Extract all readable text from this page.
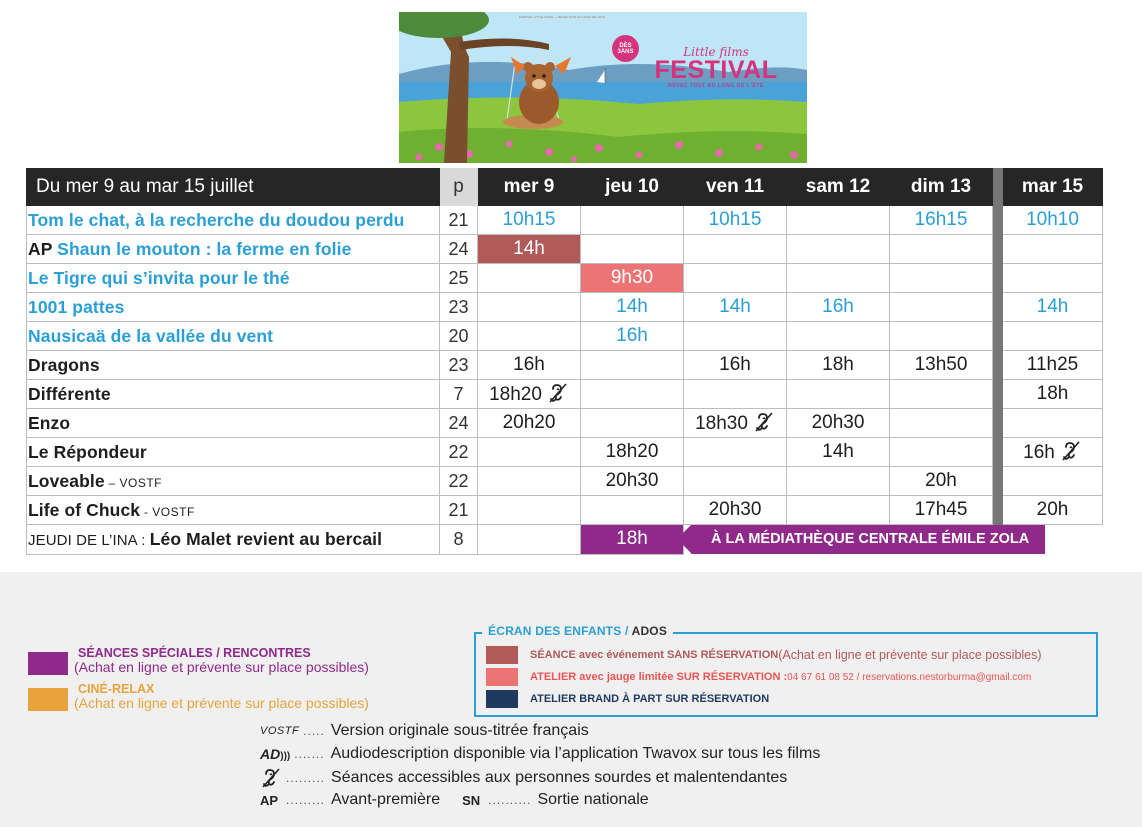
FESTIVAL LITTLE FILMS — RÉVEZ TOUT AU LONG DE L'ÉTÉ
DÈS
3ANS	Little films
FESTIVAL
RÊVEZ TOUT AU LONG DE L'ÉTÉ
Du mer 9 au mar 15 juillet	p	mer 9	jeu 10	ven 11	sam 12	dim 13		mar 15	
Tom le chat, à la recherche du doudou perdu	21	10h15		10h15		16h15		10h10	
AP Shaun le mouton : la ferme en folie	24	14h							
Le Tigre qui s’invita pour le thé	25		9h30						
1001 pattes	23		14h	14h	16h			14h	
Nausicaä de la vallée du vent	20		16h						
Dragons	23	16h		16h	18h	13h50		11h25	
Différente	7	18h20						18h	
Enzo	24	20h20		18h30	20h30				
Le Répondeur	22		18h20		14h			16h	
Loveable – VOSTF	22		20h30			20h			
Life of Chuck - VOSTF	21			20h30		17h45		20h	
JEUDI DE L’INA : Léo Malet revient au bercail	8		18h	À LA MÉDIATHÈQUE CENTRALE ÉMILE ZOLA					
SÉANCES SPÉCIALES / RENCONTRES
(Achat en ligne et prévente sur place possibles)
CINÉ-RELAX
(Achat en ligne et prévente sur place possibles)
ÉCRAN DES ENFANTS / ADOS
SÉANCE avec événement SANS RÉSERVATION (Achat en ligne et prévente sur place possibles)
ATELIER avec jauge limitée SUR RÉSERVATION : 04 67 61 08 52 / reservations.nestorburma@gmail.com
ATELIER BRAND À PART SUR RÉSERVATION
VOSTF ..... Version originale sous-titrée français
AD))) ....... Audiodescription disponible via l’application Twavox sur tous les films
......... Séances accessibles aux personnes sourdes et malentendantes
AP ......... Avant-première SN .......... Sortie nationale
